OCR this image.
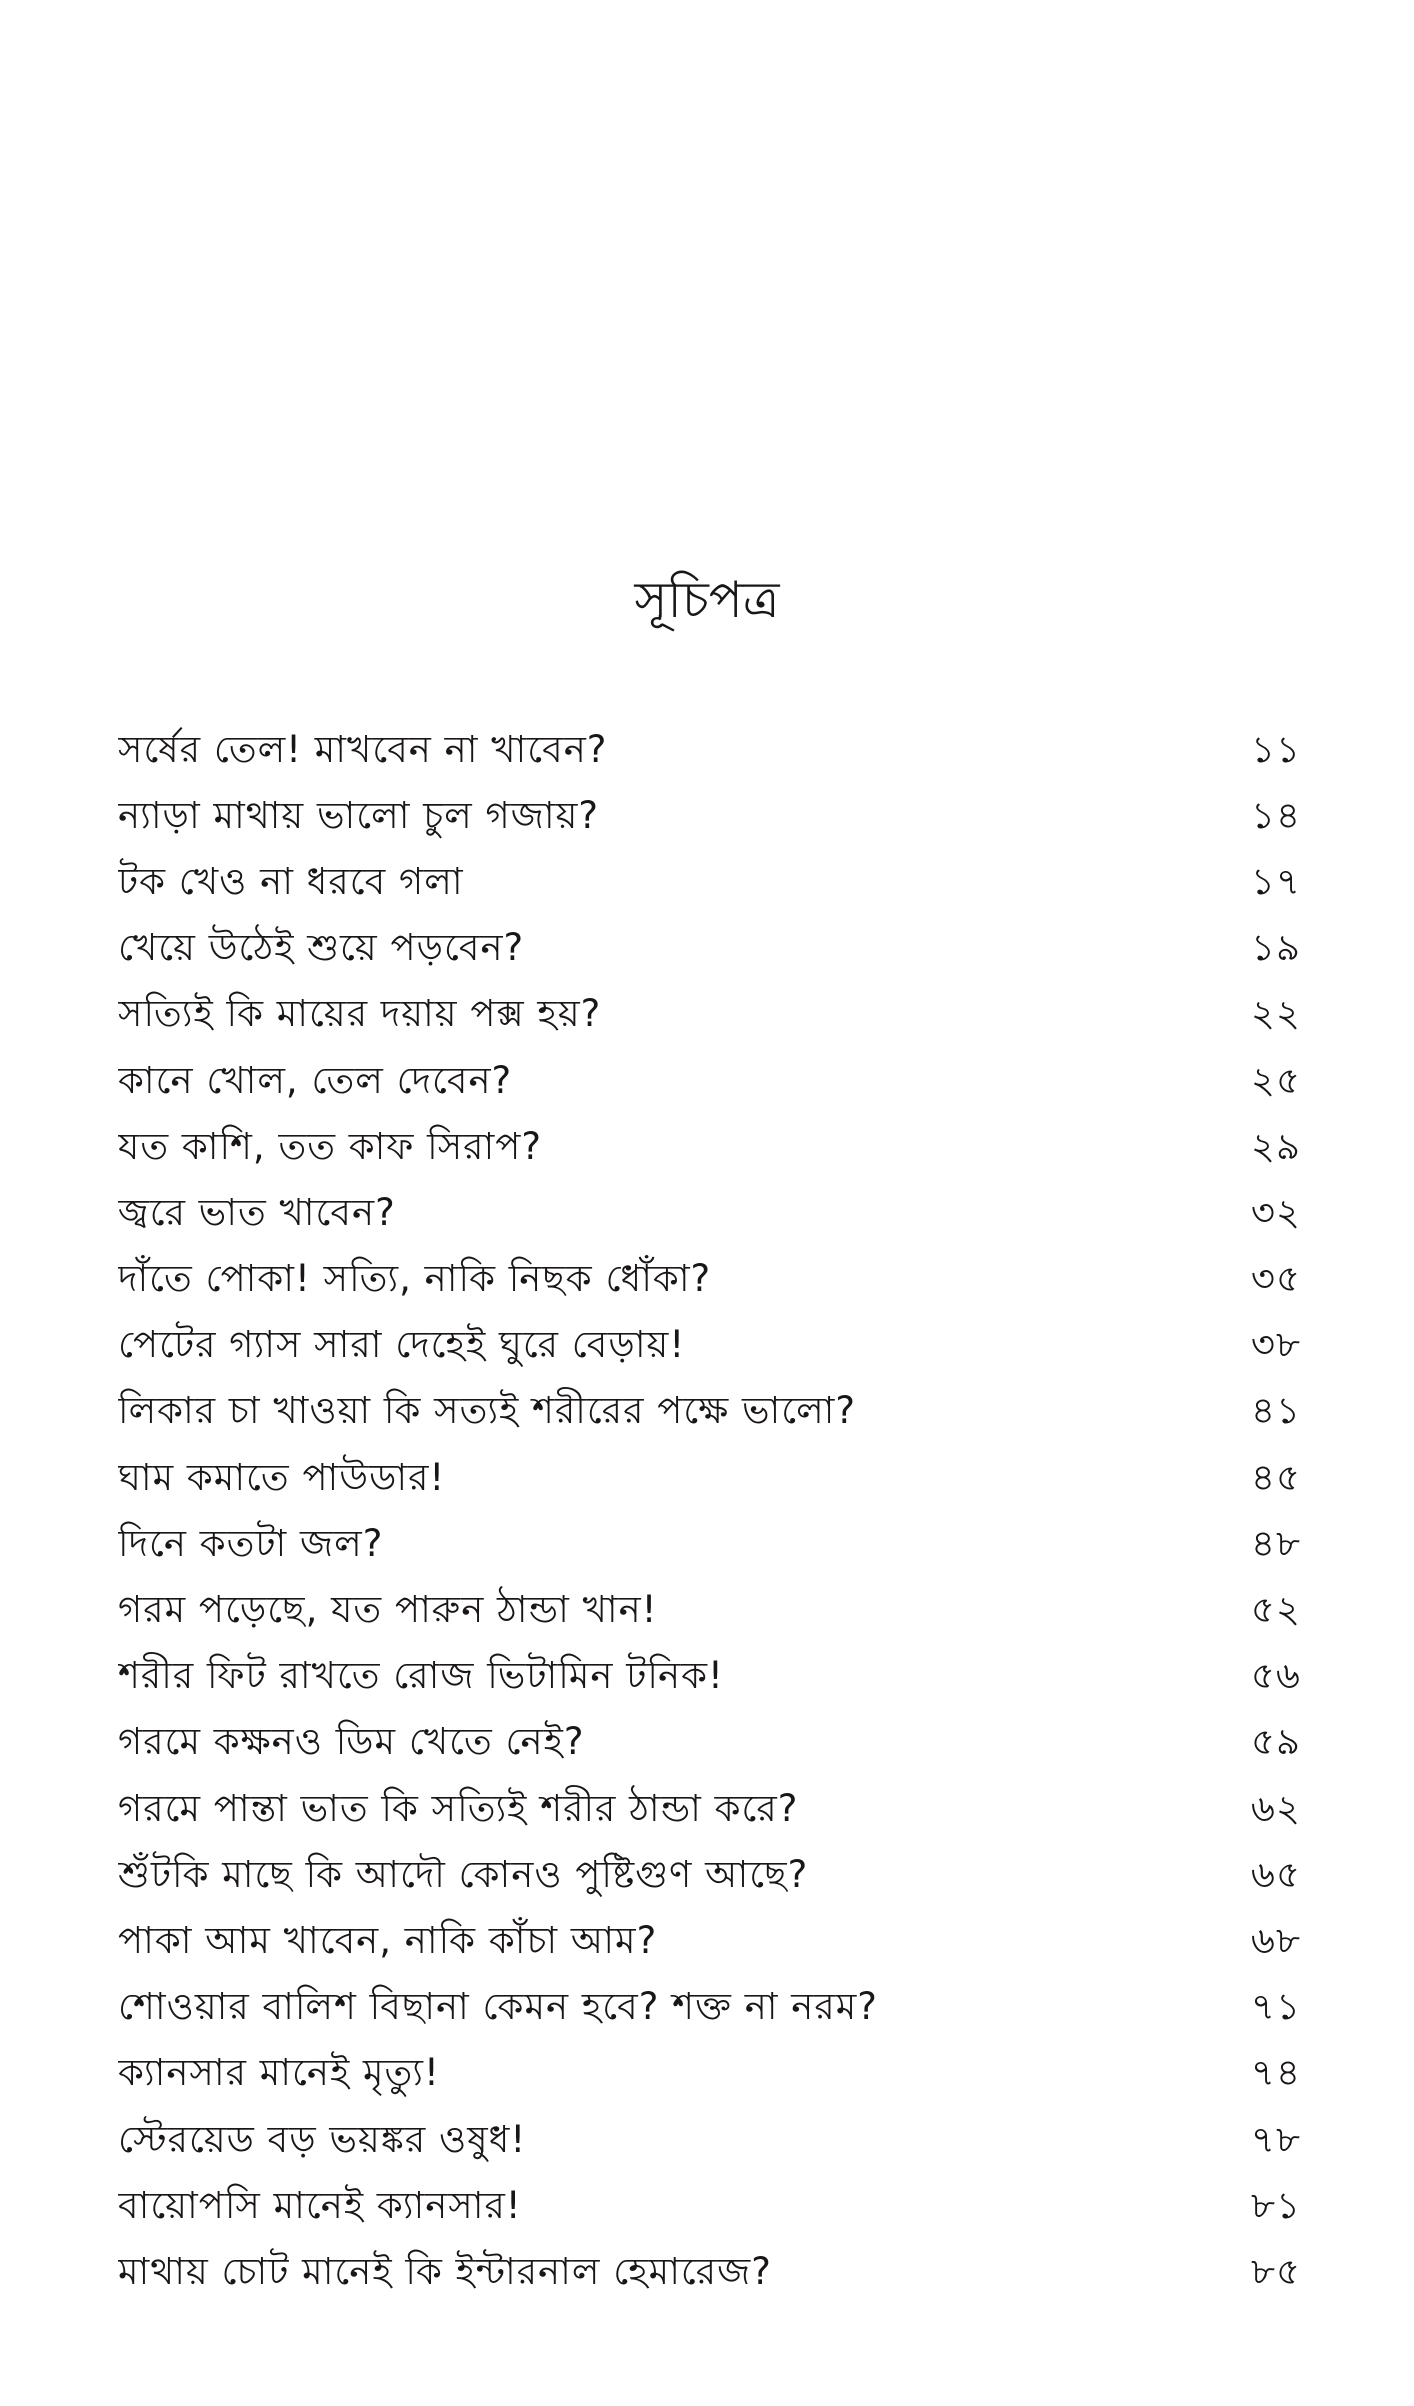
সূচিপত্র
সর্ষের তেল! মাখবেন না খাবেন?	১১
ন্যাড়া মাথায় ভালো চুল গজায়?	১৪
টক খেও না ধরবে গলা	১৭
খেয়ে উঠেই শুয়ে পড়বেন?	১৯
সত্যিই কি মায়ের দয়ায় পক্স হয়?	২২
কানে খোল, তেল দেবেন?	২৫
যত কাশি, তত কাফ সিরাপ?	২৯
জ্বরে ভাত খাবেন?	৩২
দাঁতে পোকা! সত্যি, নাকি নিছক ধোঁকা?	৩৫
পেটের গ্যাস সারা দেহেই ঘুরে বেড়ায়!	৩৮
লিকার চা খাওয়া কি সত্যই শরীরের পক্ষে ভালো?	৪১
ঘাম কমাতে পাউডার!	৪৫
দিনে কতটা জল?	৪৮
গরম পড়েছে, যত পারুন ঠান্ডা খান!	৫২
শরীর ফিট রাখতে রোজ ভিটামিন টনিক!	৫৬
গরমে কক্ষনও ডিম খেতে নেই?	৫৯
গরমে পান্তা ভাত কি সত্যিই শরীর ঠান্ডা করে?	৬২
শুঁটকি মাছে কি আদৌ কোনও পুষ্টিগুণ আছে?	৬৫
পাকা আম খাবেন, নাকি কাঁচা আম?	৬৮
শোওয়ার বালিশ বিছানা কেমন হবে? শক্ত না নরম?	৭১
ক্যানসার মানেই মৃত্যু!	৭৪
স্টেরয়েড বড় ভয়ঙ্কর ওষুধ!	৭৮
বায়োপসি মানেই ক্যানসার!	৮১
মাথায় চোট মানেই কি ইন্টারনাল হেমারেজ?	৮৫
